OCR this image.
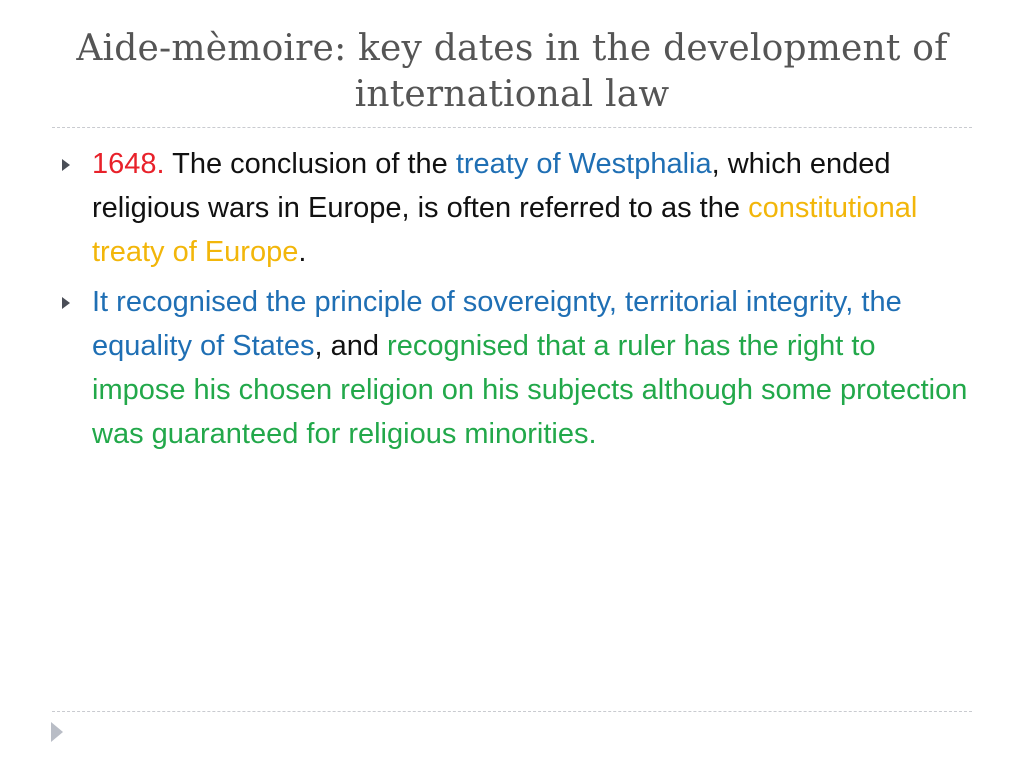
Aide-mèmoire: key dates in the development of international law
1648. The conclusion of the treaty of Westphalia, which ended religious wars in Europe, is often referred to as the constitutional treaty of Europe.
It recognised the principle of sovereignty, territorial integrity, the equality of States, and recognised that a ruler has the right to impose his chosen religion on his subjects although some protection was guaranteed for religious minorities.
